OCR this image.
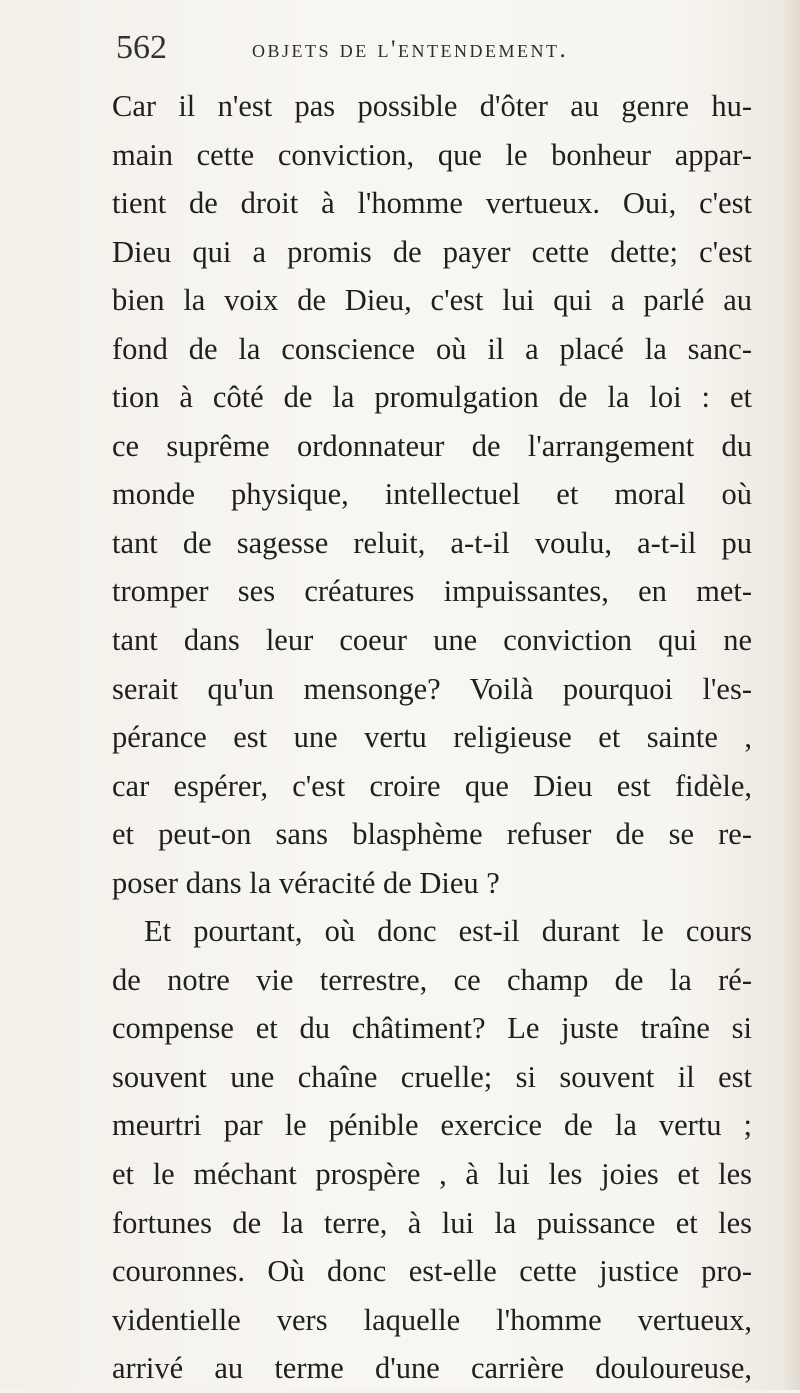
562	objets de l'entendement.
Car il n'est pas possible d'ôter au genre hu-
main cette conviction, que le bonheur appar-
tient de droit à l'homme vertueux. Oui, c'est
Dieu qui a promis de payer cette dette; c'est
bien la voix de Dieu, c'est lui qui a parlé au
fond de la conscience où il a placé la sanc-
tion à côté de la promulgation de la loi : et
ce suprême ordonnateur de l'arrangement du
monde physique, intellectuel et moral où
tant de sagesse reluit, a-t-il voulu, a-t-il pu
tromper ses créatures impuissantes, en met-
tant dans leur coeur une conviction qui ne
serait qu'un mensonge? Voilà pourquoi l'es-
pérance est une vertu religieuse et sainte ,
car espérer, c'est croire que Dieu est fidèle,
et peut-on sans blasphème refuser de se re-
poser dans la véracité de Dieu ?
Et pourtant, où donc est-il durant le cours
de notre vie terrestre, ce champ de la ré-
compense et du châtiment? Le juste traîne si
souvent une chaîne cruelle; si souvent il est
meurtri par le pénible exercice de la vertu ;
et le méchant prospère , à lui les joies et les
fortunes de la terre, à lui la puissance et les
couronnes. Où donc est-elle cette justice pro-
videntielle vers laquelle l'homme vertueux,
arrivé au terme d'une carrière douloureuse,
